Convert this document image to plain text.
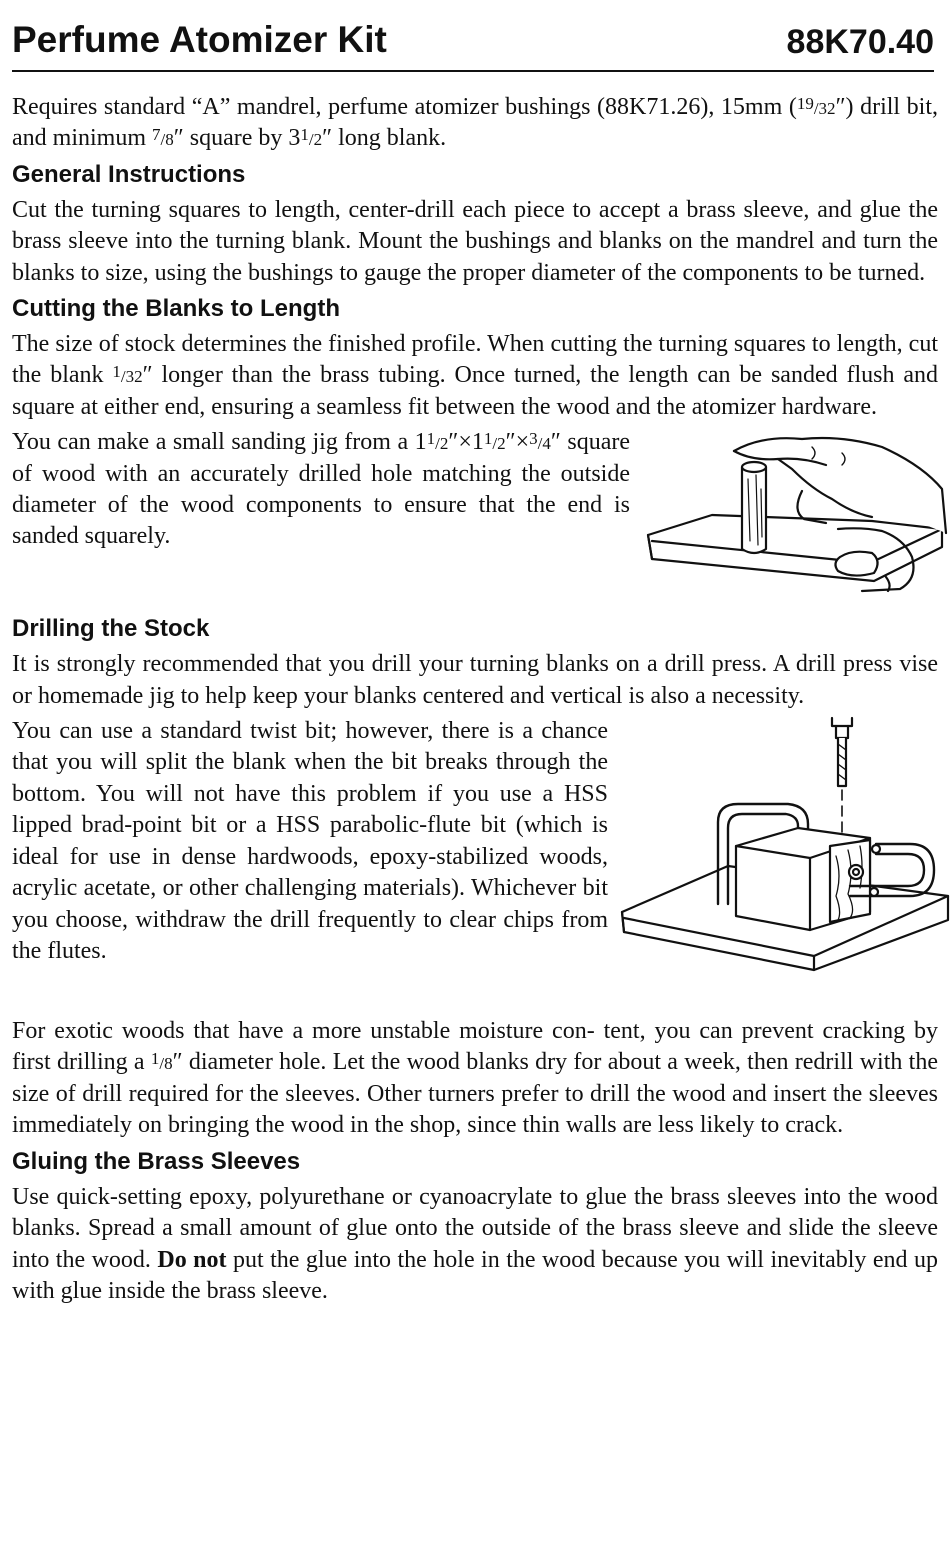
Perfume Atomizer Kit	88K70.40

Requires standard “A” mandrel, perfume atomizer bushings (88K71.26), 15mm ($^{19}$/32″) drill bit, and minimum $^7$/8″ square by $3^1/2''$ long blank.

General Instructions

Cut the turning squares to length, center-drill each piece to accept a brass sleeve, and glue the brass sleeve into the turning blank. Mount the bushings and blanks on the mandrel and turn the blanks to size, using the bushings to gauge the proper diameter of the components to be turned.

Cutting the Blanks to Length

The size of stock determines the finished profile. When cutting the turning squares to length, cut the blank $^1$/32″ longer than the brass tubing. Once turned, the length can be sanded flush and square at either end, ensuring a seamless fit between the wood and the atomizer hardware.

You can make a small sanding jig from a $1^1/2''\times 1^1/2''\times^3/4''$ square of wood with an accurately drilled hole matching the outside diameter of the wood components to ensure that the end is sanded squarely.

Drilling the Stock

It is strongly recommended that you drill your turning blanks on a drill press. A drill press vise or homemade jig to help keep your blanks centered and vertical is also a necessity.

You can use a standard twist bit; however, there is a chance that you will split the blank when the bit breaks through the bottom. You will not have this problem if you use a HSS lipped brad-point bit or a HSS parabolic-flute bit (which is ideal for use in dense hardwoods, epoxy-stabilized woods, acrylic acetate, or other challenging materials). Whichever bit you choose, withdraw the drill frequently to clear chips from the flutes.

For exotic woods that have a more unstable moisture con- tent, you can prevent cracking by first drilling a $^1$/8″ diameter hole. Let the wood blanks dry for about a week, then redrill with the size of drill required for the sleeves. Other turners prefer to drill the wood and insert the sleeves immediately on bringing the wood in the shop, since thin walls are less likely to crack.

Gluing the Brass Sleeves

Use quick-setting epoxy, polyurethane or cyanoacrylate to glue the brass sleeves into the wood blanks. Spread a small amount of glue onto the outside of the brass sleeve and slide the sleeve into the wood. Do not put the glue into the hole in the wood because you will inevitably end up with glue inside the brass sleeve.
